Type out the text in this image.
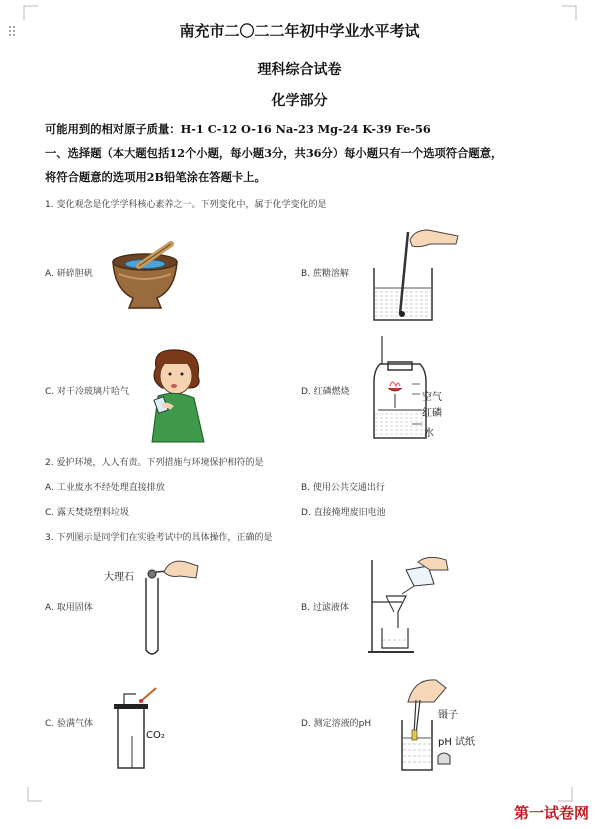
南充市二〇二二年初中学业水平考试
理科综合试卷
化学部分
可能用到的相对原子质量：H-1 C-12 O-16 Na-23 Mg-24 K-39 Fe-56
一、选择题（本大题包括12个小题，每小题3分，共36分）每小题只有一个选项符合题意，
将符合题意的选项用2B铅笔涂在答题卡上。
1. 变化观念是化学学科核心素养之一。下列变化中，属于化学变化的是
A. 研碎胆矾	B. 蔗糖溶解
C. 对干冷玻璃片哈气	空气
红磷
水
D. 红磷燃烧
2. 爱护环境，人人有责。下列措施与环境保护相符的是
A. 工业废水不经处理直接排放	B. 使用公共交通出行
C. 露天焚烧塑料垃圾	D. 直接掩埋废旧电池
3. 下列图示是同学们在实验考试中的具体操作，正确的是
大理石
A. 取用固体	B. 过滤液体
CO₂
C. 验满气体
镊子
pH 试纸
D. 测定溶液的pH
第一试卷网
